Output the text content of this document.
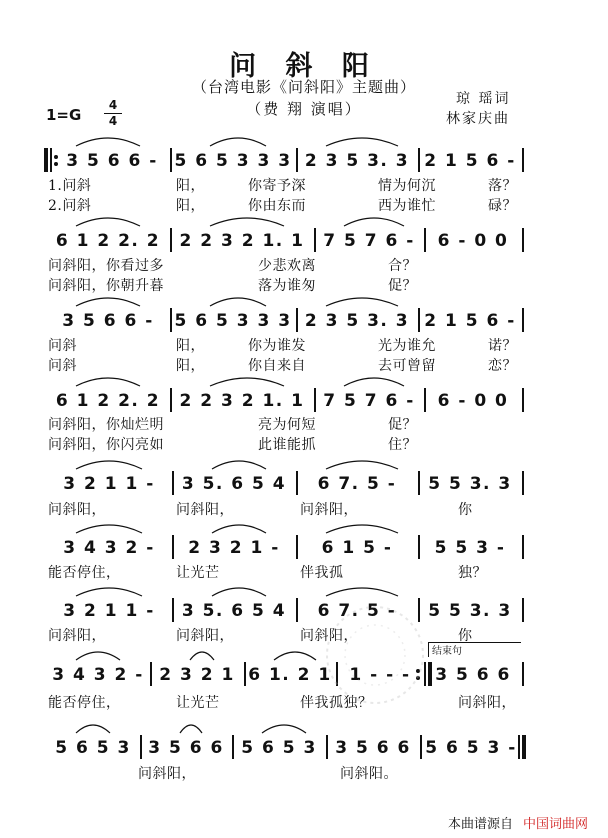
问 斜 阳
（台湾电影《问斜阳》主题曲）
（费 翔 演唱）
1=G
4
4
琼 瑶词
林家庆曲
3 5 6 6 - 5 6 5 3 3 3 2 3 5 3. 3 2 1 5 6 -
6 1 2 2. 2	2 2 3 2 1. 1	7 5 7 6 -	6 - 0 0
3 5 6 6 -	5 6 5 3 3 3 2 3 5 3. 3 2 1 5 6 -
6 1 2 2. 2	2 2 3 2 1. 1	7 5 7 6 -	6 - 0 0
3 2 1 1 -	3 5. 6 5 4	6 7. 5 -	5 5 3. 3
3 4 3 2 -	2 3 2 1 -	6 1 5 -	5 5 3 -
3 2 1 1 -	3 5. 6 5 4	6 7. 5 -	5 5 3. 3
3 4 3 2 - 2 3 2 1 6 1. 2 1	1 - - -	3 5 6 6
5 6 5 3	3 5 6 6	5 6 5 3	3 5 6 6 5 6 5 3 -
1.问斜	阳，	你寄予深	情为何沉	落？
2.问斜	阳，	你由东而	西为谁忙	碌？
问斜阳，你看过多	少悲欢离	合？
问斜阳，你朝升暮	落为谁匆	促？
问斜	阳，	你为谁发	光为谁允	诺？
问斜	阳，	你自来自	去可曾留	恋？
问斜阳，你灿烂明	亮为何短	促？
问斜阳，你闪亮如	此谁能抓	住？
问斜阳，	问斜阳，	问斜阳，	你
能否停住，	让光芒	伴我孤	独？
问斜阳，	问斜阳，	问斜阳，	你
能否停住，	让光芒	伴我孤独？	问斜阳，
问斜阳，	问斜阳。
结束句
本曲谱源自 中国词曲网
